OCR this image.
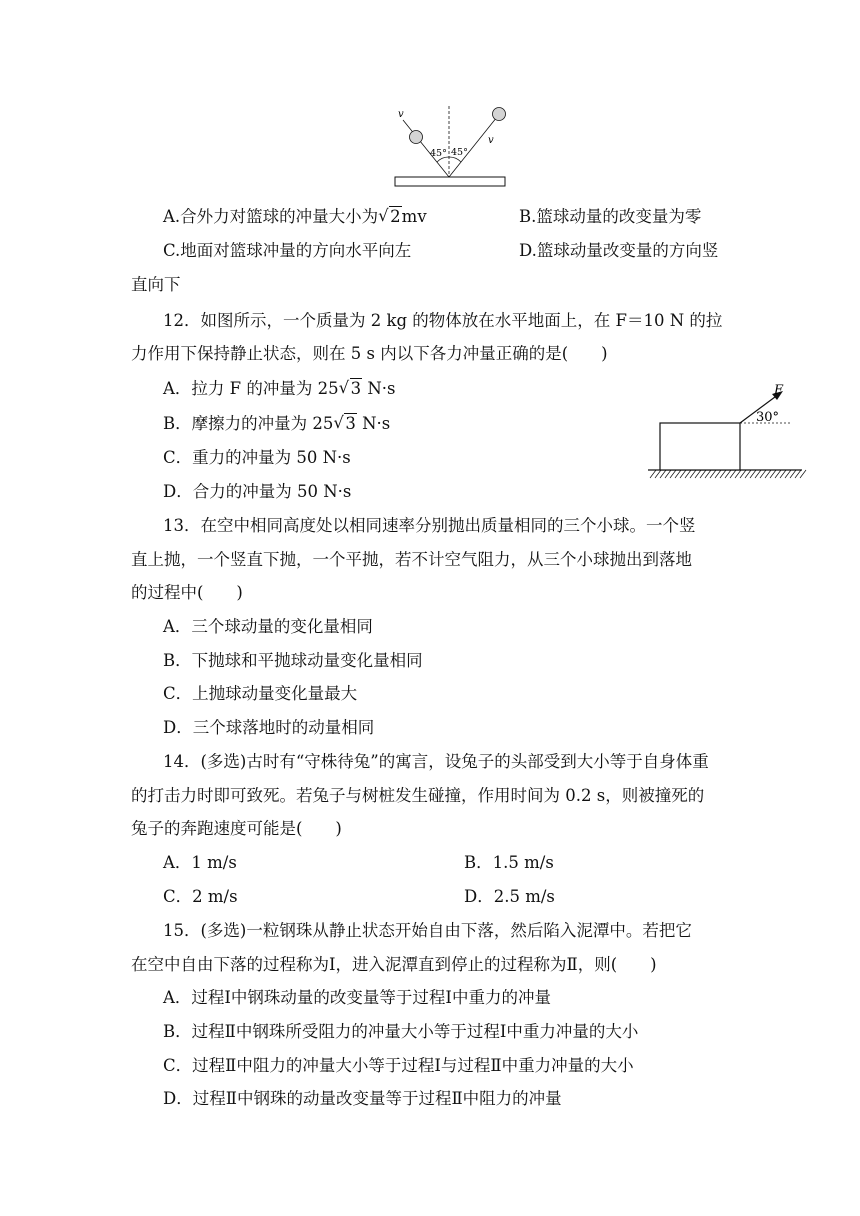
v
v
45° 45°
A.合外力对篮球的冲量大小为 √ 2mv	B.篮球动量的改变量为零
C.地面对篮球冲量的方向水平向左	D.篮球动量改变量的方向竖
直向下
12．如图所示，一个质量为 2 kg 的物体放在水平地面上，在 F＝10 N 的拉
力作用下保持静止状态，则在 5 s 内以下各力冲量正确的是(　　)
A．拉力 F 的冲量为 25 √ 3 N·s
B．摩擦力的冲量为 25 √ 3 N·s
C．重力的冲量为 50 N·s
D．合力的冲量为 50 N·s
F
30°
13．在空中相同高度处以相同速率分别抛出质量相同的三个小球。一个竖
直上抛，一个竖直下抛，一个平抛，若不计空气阻力，从三个小球抛出到落地
的过程中(　　)
A．三个球动量的变化量相同
B．下抛球和平抛球动量变化量相同
C．上抛球动量变化量最大
D．三个球落地时的动量相同
14．(多选)古时有“守株待兔”的寓言，设兔子的头部受到大小等于自身体重
的打击力时即可致死。若兔子与树桩发生碰撞，作用时间为 0.2 s，则被撞死的
兔子的奔跑速度可能是(　　)
A．1 m/s	B．1.5 m/s
C．2 m/s	D．2.5 m/s
15．(多选)一粒钢珠从静止状态开始自由下落，然后陷入泥潭中。若把它
在空中自由下落的过程称为Ⅰ，进入泥潭直到停止的过程称为Ⅱ，则(　　)
A．过程Ⅰ中钢珠动量的改变量等于过程Ⅰ中重力的冲量
B．过程Ⅱ中钢珠所受阻力的冲量大小等于过程Ⅰ中重力冲量的大小
C．过程Ⅱ中阻力的冲量大小等于过程Ⅰ与过程Ⅱ中重力冲量的大小
D．过程Ⅱ中钢珠的动量改变量等于过程Ⅱ中阻力的冲量
